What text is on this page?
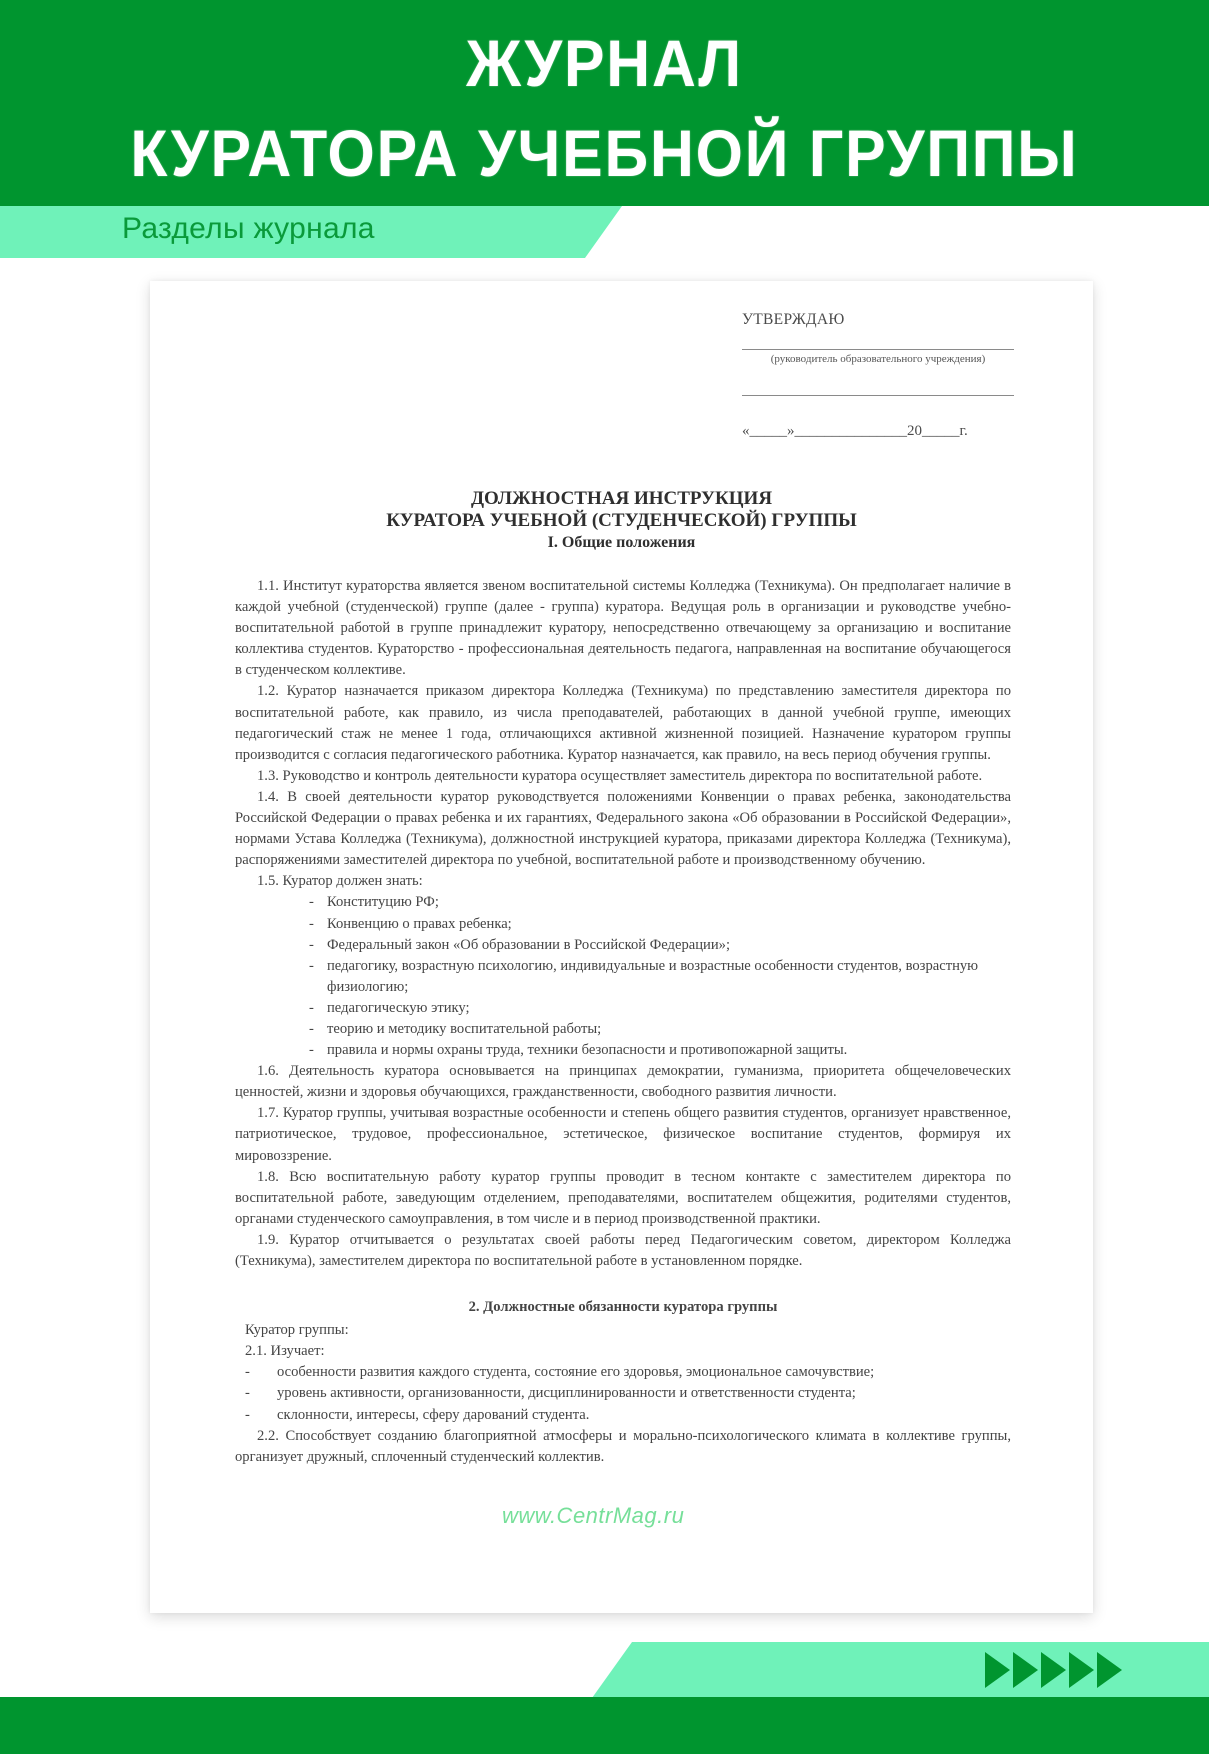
ЖУРНАЛ
КУРАТОРА УЧЕБНОЙ ГРУППЫ
Разделы журнала
УТВЕРЖДАЮ
(руководитель образовательного учреждения)
«_____»_______________20_____г.
ДОЛЖНОСТНАЯ ИНСТРУКЦИЯ
КУРАТОРА УЧЕБНОЙ (СТУДЕНЧЕСКОЙ) ГРУППЫ
I. Общие положения
1.1. Институт кураторства является звеном воспитательной системы Колледжа (Техникума). Он предполагает наличие в каждой учебной (студенческой) группе (далее - группа) куратора. Ведущая роль в организации и руководстве учебно-воспитательной работой в группе принадлежит куратору, непосредственно отвечающему за организацию и воспитание коллектива студентов. Кураторство - профессиональная деятельность педагога, направленная на воспитание обучающегося в студенческом коллективе.
1.2. Куратор назначается приказом директора Колледжа (Техникума) по представлению заместителя директора по воспитательной работе, как правило, из числа преподавателей, работающих в данной учебной группе, имеющих педагогический стаж не менее 1 года, отличающихся активной жизненной позицией. Назначение куратором группы производится с согласия педагогического работника. Куратор назначается, как правило, на весь период обучения группы.
1.3. Руководство и контроль деятельности куратора осуществляет заместитель директора по воспитательной работе.
1.4. В своей деятельности куратор руководствуется положениями Конвенции о правах ребенка, законодательства Российской Федерации о правах ребенка и их гарантиях, Федерального закона «Об образовании в Российской Федерации», нормами Устава Колледжа (Техникума), должностной инструкцией куратора, приказами директора Колледжа (Техникума), распоряжениями заместителей директора по учебной, воспитательной работе и производственному обучению.
1.5. Куратор должен знать:
- Конституцию РФ;
- Конвенцию о правах ребенка;
- Федеральный закон «Об образовании в Российской Федерации»;
- педагогику, возрастную психологию, индивидуальные и возрастные особенности студентов, возрастную физиологию;
- педагогическую этику;
- теорию и методику воспитательной работы;
- правила и нормы охраны труда, техники безопасности и противопожарной защиты.
1.6. Деятельность куратора основывается на принципах демократии, гуманизма, приоритета общечеловеческих ценностей, жизни и здоровья обучающихся, гражданственности, свободного развития личности.
1.7. Куратор группы, учитывая возрастные особенности и степень общего развития студентов, организует нравственное, патриотическое, трудовое, профессиональное, эстетическое, физическое воспитание студентов, формируя их мировоззрение.
1.8. Всю воспитательную работу куратор группы проводит в тесном контакте с заместителем директора по воспитательной работе, заведующим отделением, преподавателями, воспитателем общежития, родителями студентов, органами студенческого самоуправления, в том числе и в период производственной практики.
1.9. Куратор отчитывается о результатах своей работы перед Педагогическим советом, директором Колледжа (Техникума), заместителем директора по воспитательной работе в установленном порядке.
2. Должностные обязанности куратора группы
Куратор группы:
2.1. Изучает:
- особенности развития каждого студента, состояние его здоровья, эмоциональное самочувствие;
- уровень активности, организованности, дисциплинированности и ответственности студента;
- склонности, интересы, сферу дарований студента.
2.2. Способствует созданию благоприятной атмосферы и морально-психологического климата в коллективе группы, организует дружный, сплоченный студенческий коллектив.
www.CentrMag.ru
